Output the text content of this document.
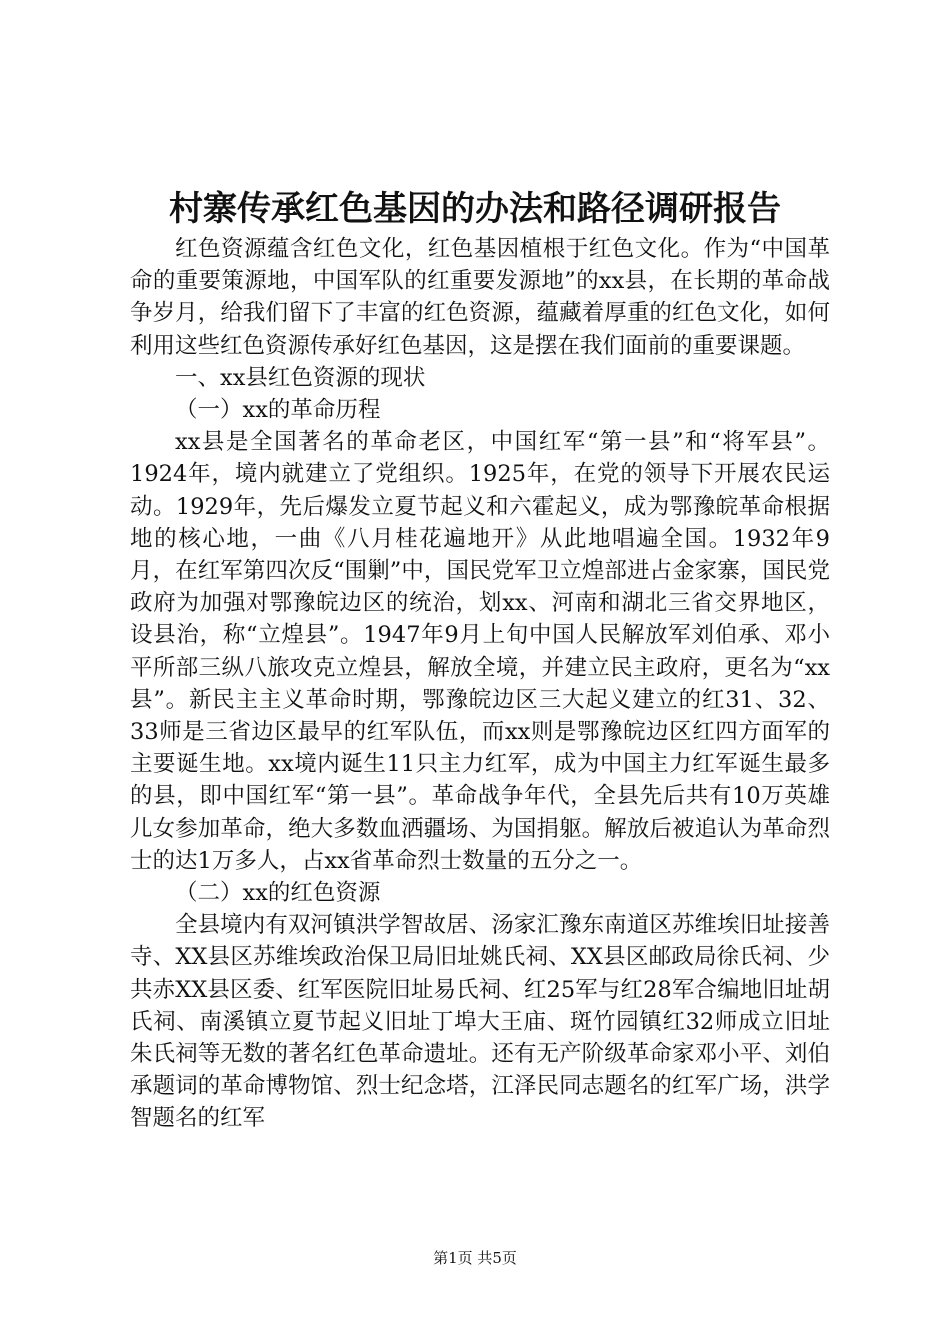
村寨传承红色基因的办法和路径调研报告

红色资源蕴含红色文化，红色基因植根于红色文化。作为“中国革命的重要策源地，中国军队的红重要发源地”的xx县，在长期的革命战争岁月，给我们留下了丰富的红色资源，蕴藏着厚重的红色文化，如何利用这些红色资源传承好红色基因，这是摆在我们面前的重要课题。

一、xx县红色资源的现状

（一）xx的革命历程

xx县是全国著名的革命老区，中国红军“第一县”和“将军县”。1924年，境内就建立了党组织。1925年，在党的领导下开展农民运动。1929年，先后爆发立夏节起义和六霍起义，成为鄂豫皖革命根据地的核心地，一曲《八月桂花遍地开》从此地唱遍全国。1932年9月，在红军第四次反“围剿”中，国民党军卫立煌部进占金家寨，国民党政府为加强对鄂豫皖边区的统治，划xx、河南和湖北三省交界地区，设县治，称“立煌县”。1947年9月上旬中国人民解放军刘伯承、邓小平所部三纵八旅攻克立煌县，解放全境，并建立民主政府，更名为“xx县”。新民主主义革命时期，鄂豫皖边区三大起义建立的红31、32、33师是三省边区最早的红军队伍，而xx则是鄂豫皖边区红四方面军的主要诞生地。xx境内诞生11只主力红军，成为中国主力红军诞生最多的县，即中国红军“第一县”。革命战争年代，全县先后共有10万英雄儿女参加革命，绝大多数血洒疆场、为国捐躯。解放后被追认为革命烈士的达1万多人，占xx省革命烈士数量的五分之一。

（二）xx的红色资源

全县境内有双河镇洪学智故居、汤家汇豫东南道区苏维埃旧址接善寺、XX县区苏维埃政治保卫局旧址姚氏祠、XX县区邮政局徐氏祠、少共赤XX县区委、红军医院旧址易氏祠、红25军与红28军合编地旧址胡氏祠、南溪镇立夏节起义旧址丁埠大王庙、斑竹园镇红32师成立旧址朱氏祠等无数的著名红色革命遗址。还有无产阶级革命家邓小平、刘伯承题词的革命博物馆、烈士纪念塔，江泽民同志题名的红军广场，洪学智题名的红军

第1页 共5页
